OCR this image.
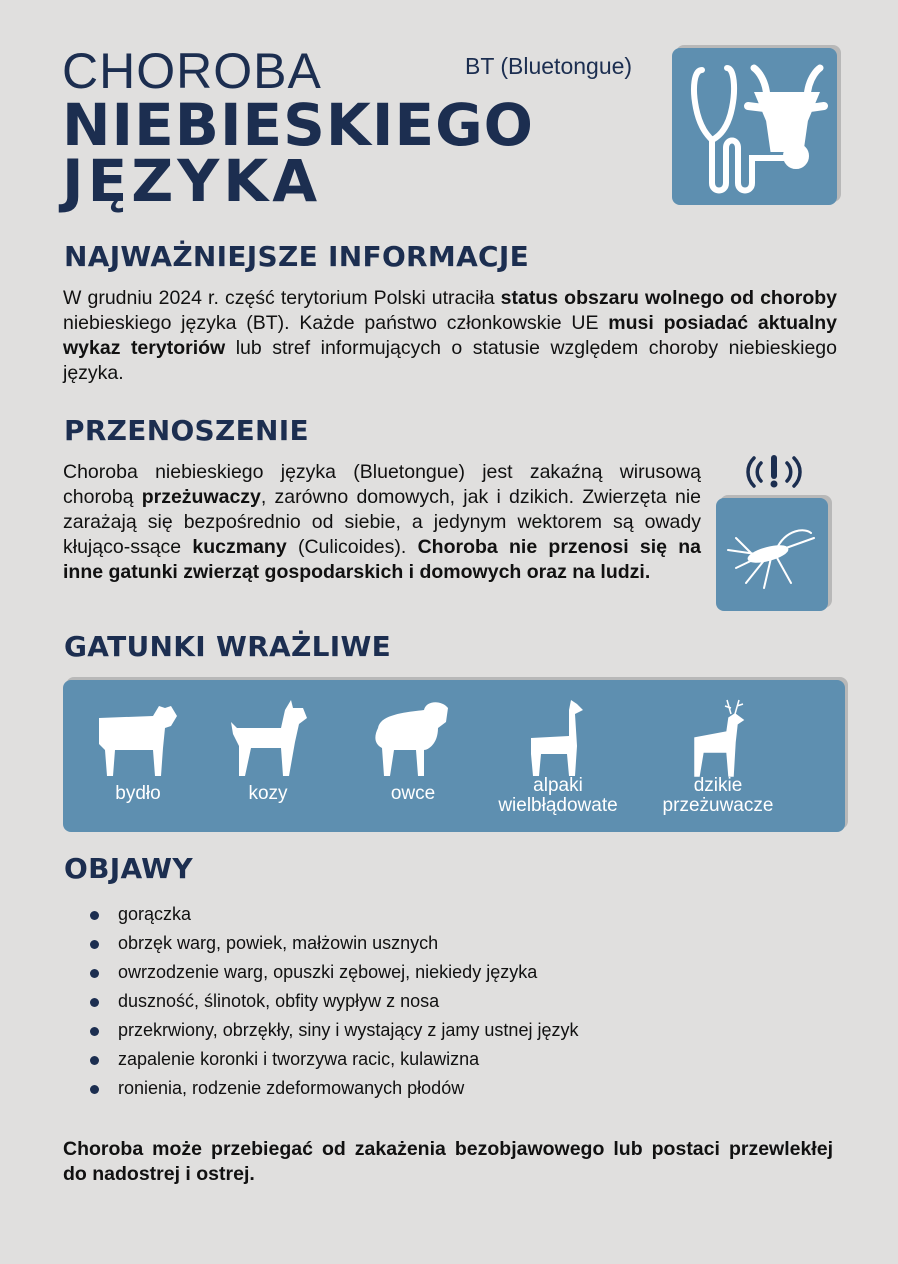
CHOROBA
NIEBIESKIEGO
JĘZYKA
BT (Bluetongue)
NAJWAŻNIEJSZE INFORMACJE
W grudniu 2024 r. część terytorium Polski utraciła status obszaru wolnego od choroby niebieskiego języka (BT). Każde państwo członkowskie UE musi posiadać aktualny wykaz terytoriów lub stref informujących o statusie względem choroby niebieskiego języka.
PRZENOSZENIE
Choroba niebieskiego języka (Bluetongue) jest zakaźną wirusową chorobą przeżuwaczy, zarówno domowych, jak i dzikich. Zwierzęta nie zarażają się bezpośrednio od siebie, a jedynym wektorem są owady kłująco-ssące kuczmany (Culicoides). Choroba nie przenosi się na inne gatunki zwierząt gospodarskich i domowych oraz na ludzi.
GATUNKI WRAŻLIWE
bydło	kozy	owce	alpaki
wielbłądowate
dzikie
przeżuwacze
OBJAWY
gorączka
obrzęk warg, powiek, małżowin usznych
owrzodzenie warg, opuszki zębowej, niekiedy języka
duszność, ślinotok, obfity wypływ z nosa
przekrwiony, obrzękły, siny i wystający z jamy ustnej język
zapalenie koronki i tworzywa racic, kulawizna
ronienia, rodzenie zdeformowanych płodów
Choroba może przebiegać od zakażenia bezobjawowego lub postaci przewlekłej do nadostrej i ostrej.
